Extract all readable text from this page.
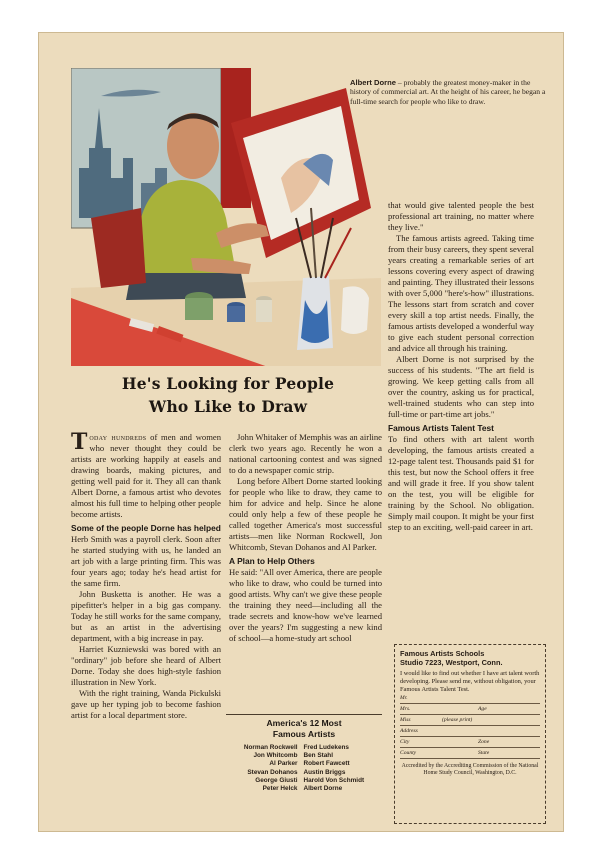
Albert Dorne – probably the greatest money-maker in the history of commercial art. At the height of his career, he began a full-time search for people who like to draw.
He's Looking for People
Who Like to Draw

Today hundreds of men and women who never thought they could be artists are working happily at easels and drawing boards, making pictures, and getting well paid for it. They all can thank Albert Dorne, a famous artist who devotes almost his full time to helping other people become artists.

Some of the people Dorne has helped

Herb Smith was a payroll clerk. Soon after he started studying with us, he landed an art job with a large printing firm. This was four years ago; today he's head artist for the same firm.

John Busketta is another. He was a pipefitter's helper in a big gas company. Today he still works for the same company, but as an artist in the advertising department, with a big increase in pay.

Harriet Kuzniewski was bored with an "ordinary" job before she heard of Albert Dorne. Today she does high-style fashion illustration in New York.

With the right training, Wanda Pickulski gave up her typing job to become fashion artist for a local department store.

John Whitaker of Memphis was an airline clerk two years ago. Recently he won a national cartooning contest and was signed to do a newspaper comic strip.

Long before Albert Dorne started looking for people who like to draw, they came to him for advice and help. Since he alone could only help a few of these people he called together America's most successful artists—men like Norman Rockwell, Jon Whitcomb, Stevan Dohanos and Al Parker.

A Plan to Help Others

He said: "All over America, there are people who like to draw, who could be turned into good artists. Why can't we give these people the training they need—including all the trade secrets and know-how we've learned over the years? I'm suggesting a new kind of school—a home-study art school

that would give talented people the best professional art training, no matter where they live."

The famous artists agreed. Taking time from their busy careers, they spent several years creating a remarkable series of art lessons covering every aspect of drawing and painting. They illustrated their lessons with over 5,000 "here's-how" illustrations. The lessons start from scratch and cover every skill a top artist needs. Finally, the famous artists developed a wonderful way to give each student personal correction and advice all through his training.

Albert Dorne is not surprised by the success of his students. "The art field is growing. We keep getting calls from all over the country, asking us for practical, well-trained students who can step into full-time or part-time art jobs."

Famous Artists Talent Test

To find others with art talent worth developing, the famous artists created a 12-page talent test. Thousands paid $1 for this test, but now the School offers it free and will grade it free. If you show talent on the test, you will be eligible for training by the School. No obligation. Simply mail coupon. It might be your first step to an exciting, well-paid career in art.

America's 12 Most
Famous Artists
Norman Rockwell	Fred Ludekens
Jon Whitcomb	Ben Stahl
Al Parker	Robert Fawcett
Stevan Dohanos	Austin Briggs
George Giusti	Harold Von Schmidt
Peter Helck	Albert Dorne
Famous Artists Schools
Studio 7223, Westport, Conn.
I would like to find out whether I have art talent worth developing. Please send me, without obligation, your Famous Artists Talent Test.
Mr.
Mrs.	Age
Miss	(please print)
Address
City	Zone
County	State
Accredited by the Accrediting Commission of the National Home Study Council, Washington, D.C.
